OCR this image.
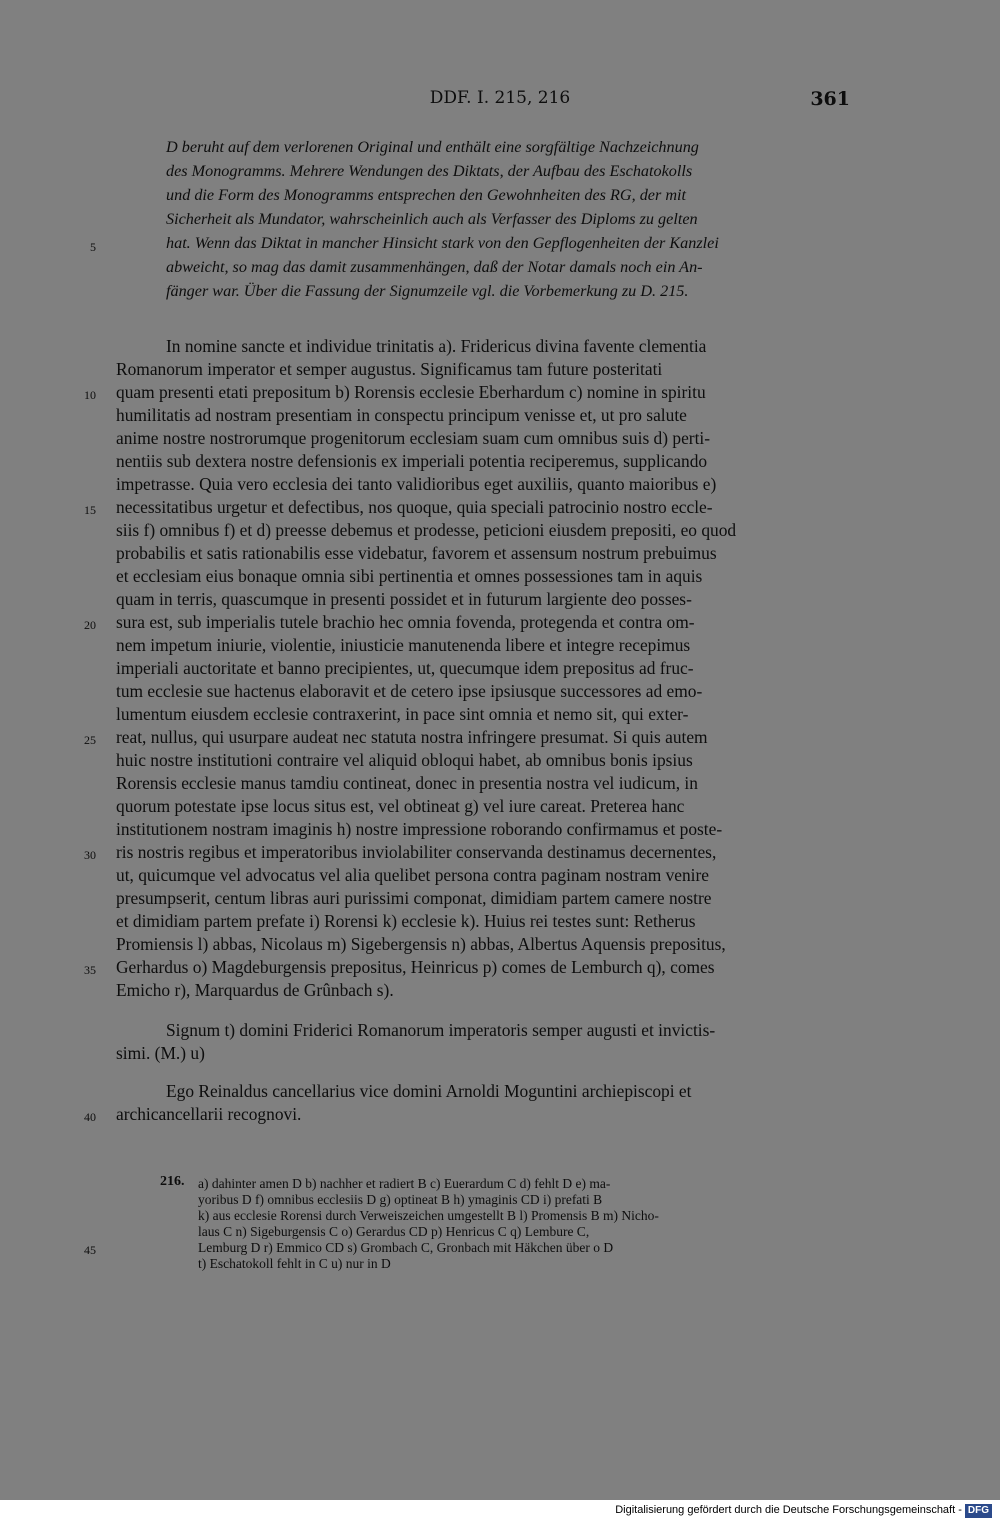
DDF. I. 215, 216	361
D beruht auf dem verlorenen Original und enthält eine sorgfältige Nachzeichnung
des Monogramms. Mehrere Wendungen des Diktats, der Aufbau des Eschatokolls
und die Form des Monogramms entsprechen den Gewohnheiten des RG, der mit
Sicherheit als Mundator, wahrscheinlich auch als Verfasser des Diploms zu gelten
hat. Wenn das Diktat in mancher Hinsicht stark von den Gepflogenheiten der Kanzlei
abweicht, so mag das damit zusammenhängen, daß der Notar damals noch ein An-
fänger war. Über die Fassung der Signumzeile vgl. die Vorbemerkung zu D. 215.
In nomine sancte et individue trinitatis a). Fridericus divina favente clementia
Romanorum imperator et semper augustus. Significamus tam future posteritati
quam presenti etati prepositum b) Rorensis ecclesie Eberhardum c) nomine in spiritu
humilitatis ad nostram presentiam in conspectu principum venisse et, ut pro salute
anime nostre nostrorumque progenitorum ecclesiam suam cum omnibus suis d) perti-
nentiis sub dextera nostre defensionis ex imperiali potentia reciperemus, supplicando
impetrasse. Quia vero ecclesia dei tanto validioribus eget auxiliis, quanto maioribus e)
necessitatibus urgetur et defectibus, nos quoque, quia speciali patrocinio nostro eccle-
siis f) omnibus f) et d) preesse debemus et prodesse, peticioni eiusdem prepositi, eo quod
probabilis et satis rationabilis esse videbatur, favorem et assensum nostrum prebuimus
et ecclesiam eius bonaque omnia sibi pertinentia et omnes possessiones tam in aquis
quam in terris, quascumque in presenti possidet et in futurum largiente deo posses-
sura est, sub imperialis tutele brachio hec omnia fovenda, protegenda et contra om-
nem impetum iniurie, violentie, iniusticie manutenenda libere et integre recepimus
imperiali auctoritate et banno precipientes, ut, quecumque idem prepositus ad fruc-
tum ecclesie sue hactenus elaboravit et de cetero ipse ipsiusque successores ad emo-
lumentum eiusdem ecclesie contraxerint, in pace sint omnia et nemo sit, qui exter-
reat, nullus, qui usurpare audeat nec statuta nostra infringere presumat. Si quis autem
huic nostre institutioni contraire vel aliquid obloqui habet, ab omnibus bonis ipsius
Rorensis ecclesie manus tamdiu contineat, donec in presentia nostra vel iudicum, in
quorum potestate ipse locus situs est, vel obtineat g) vel iure careat. Preterea hanc
institutionem nostram imaginis h) nostre impressione roborando confirmamus et poste-
ris nostris regibus et imperatoribus inviolabiliter conservanda destinamus decernentes,
ut, quicumque vel advocatus vel alia quelibet persona contra paginam nostram venire
presumpserit, centum libras auri purissimi componat, dimidiam partem camere nostre
et dimidiam partem prefate i) Rorensi k) ecclesie k). Huius rei testes sunt: Retherus
Promiensis l) abbas, Nicolaus m) Sigebergensis n) abbas, Albertus Aquensis prepositus,
Gerhardus o) Magdeburgensis prepositus, Heinricus p) comes de Lemburch q), comes
Emicho r), Marquardus de Grûnbach s).
Signum t) domini Friderici Romanorum imperatoris semper augusti et invictis-
simi. (M.) u)
Ego Reinaldus cancellarius vice domini Arnoldi Moguntini archiepiscopi et
archicancellarii recognovi.
5
10
15
20
25
30
35
40
45
216. a) dahinter amen D b) nachher et radiert B c) Euerardum C d) fehlt D e) ma-
yoribus D f) omnibus ecclesiis D g) optineat B h) ymaginis CD i) prefati B
k) aus ecclesie Rorensi durch Verweiszeichen umgestellt B l) Promensis B m) Nicho-
laus C n) Sigeburgensis C o) Gerardus CD p) Henricus C q) Lembure C,
Lemburg D r) Emmico CD s) Grombach C, Gronbach mit Häkchen über o D
t) Eschatokoll fehlt in C u) nur in D
Digitalisierung gefördert durch die Deutsche Forschungsgemeinschaft - DFG
